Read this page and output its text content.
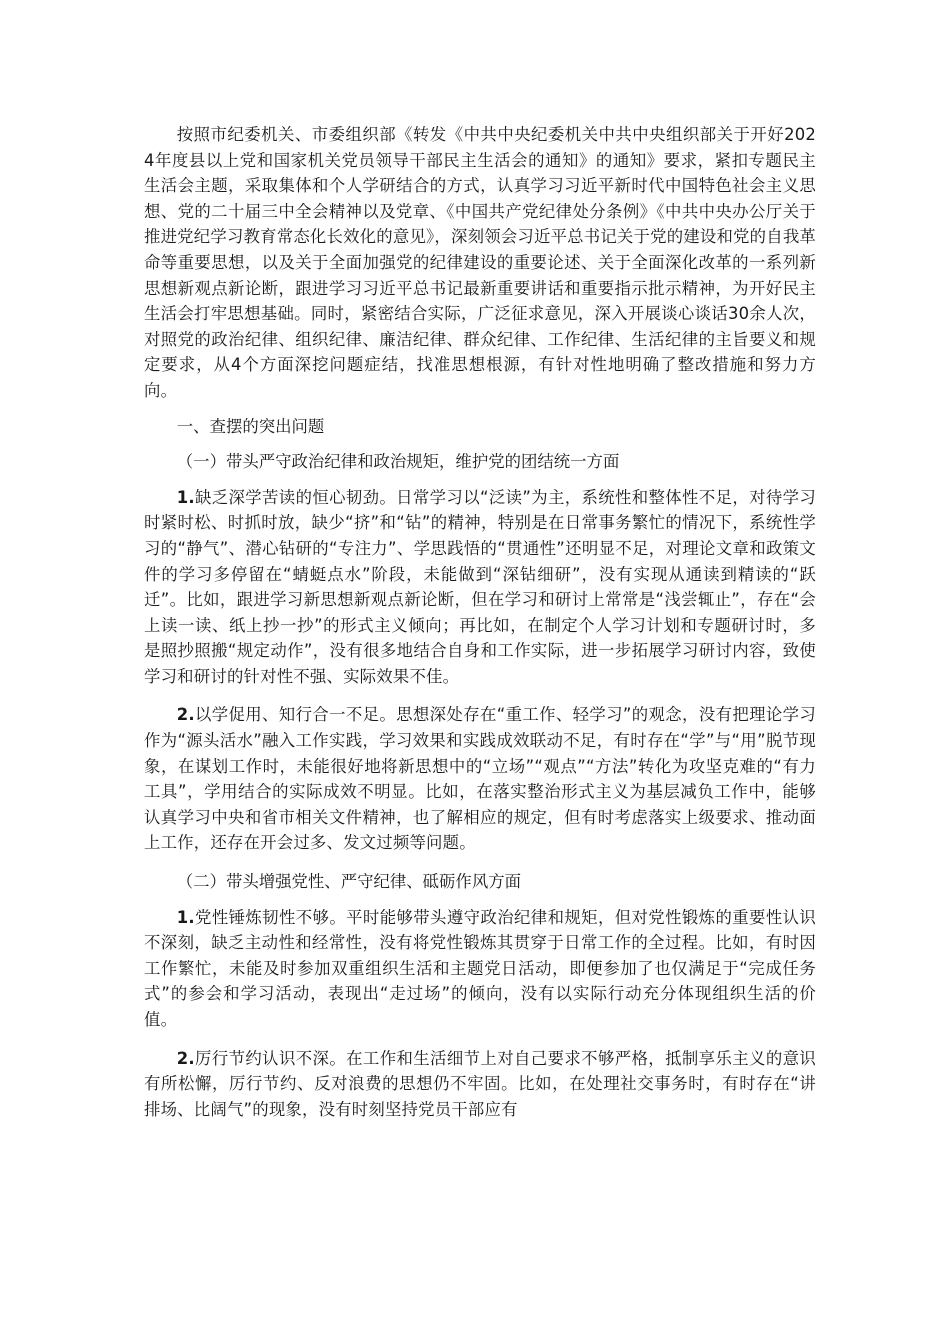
按照市纪委机关、市委组织部《转发《中共中央纪委机关中共中央组织部关于开好2024年度县以上党和国家机关党员领导干部民主生活会的通知》的通知》要求，紧扣专题民主生活会主题，采取集体和个人学研结合的方式，认真学习习近平新时代中国特色社会主义思想、党的二十届三中全会精神以及党章、《中国共产党纪律处分条例》《中共中央办公厅关于推进党纪学习教育常态化长效化的意见》，深刻领会习近平总书记关于党的建设和党的自我革命等重要思想，以及关于全面加强党的纪律建设的重要论述、关于全面深化改革的一系列新思想新观点新论断，跟进学习习近平总书记最新重要讲话和重要指示批示精神，为开好民主生活会打牢思想基础。同时，紧密结合实际，广泛征求意见，深入开展谈心谈话30余人次，对照党的政治纪律、组织纪律、廉洁纪律、群众纪律、工作纪律、生活纪律的主旨要义和规定要求，从4个方面深挖问题症结，找准思想根源，有针对性地明确了整改措施和努力方向。

一、查摆的突出问题

（一）带头严守政治纪律和政治规矩，维护党的团结统一方面

1.缺乏深学苦读的恒心韧劲。日常学习以“泛读”为主，系统性和整体性不足，对待学习时紧时松、时抓时放，缺少“挤”和“钻”的精神，特别是在日常事务繁忙的情况下，系统性学习的“静气”、潜心钻研的“专注力”、学思践悟的“贯通性”还明显不足，对理论文章和政策文件的学习多停留在“蜻蜓点水”阶段，未能做到“深钻细研”，没有实现从通读到精读的“跃迁”。比如，跟进学习新思想新观点新论断，但在学习和研讨上常常是“浅尝辄止”，存在“会上读一读、纸上抄一抄”的形式主义倾向；再比如，在制定个人学习计划和专题研讨时，多是照抄照搬“规定动作”，没有很多地结合自身和工作实际，进一步拓展学习研讨内容，致使学习和研讨的针对性不强、实际效果不佳。

2.以学促用、知行合一不足。思想深处存在“重工作、轻学习”的观念，没有把理论学习作为“源头活水”融入工作实践，学习效果和实践成效联动不足，有时存在“学”与“用”脱节现象，在谋划工作时，未能很好地将新思想中的“立场”“观点”“方法”转化为攻坚克难的“有力工具”，学用结合的实际成效不明显。比如，在落实整治形式主义为基层减负工作中，能够认真学习中央和省市相关文件精神，也了解相应的规定，但有时考虑落实上级要求、推动面上工作，还存在开会过多、发文过频等问题。

（二）带头增强党性、严守纪律、砥砺作风方面

1.党性锤炼韧性不够。平时能够带头遵守政治纪律和规矩，但对党性锻炼的重要性认识不深刻，缺乏主动性和经常性，没有将党性锻炼其贯穿于日常工作的全过程。比如，有时因工作繁忙，未能及时参加双重组织生活和主题党日活动，即便参加了也仅满足于“完成任务式”的参会和学习活动，表现出“走过场”的倾向，没有以实际行动充分体现组织生活的价值。

2.厉行节约认识不深。在工作和生活细节上对自己要求不够严格，抵制享乐主义的意识有所松懈，厉行节约、反对浪费的思想仍不牢固。比如，在处理社交事务时，有时存在“讲排场、比阔气”的现象，没有时刻坚持党员干部应有
